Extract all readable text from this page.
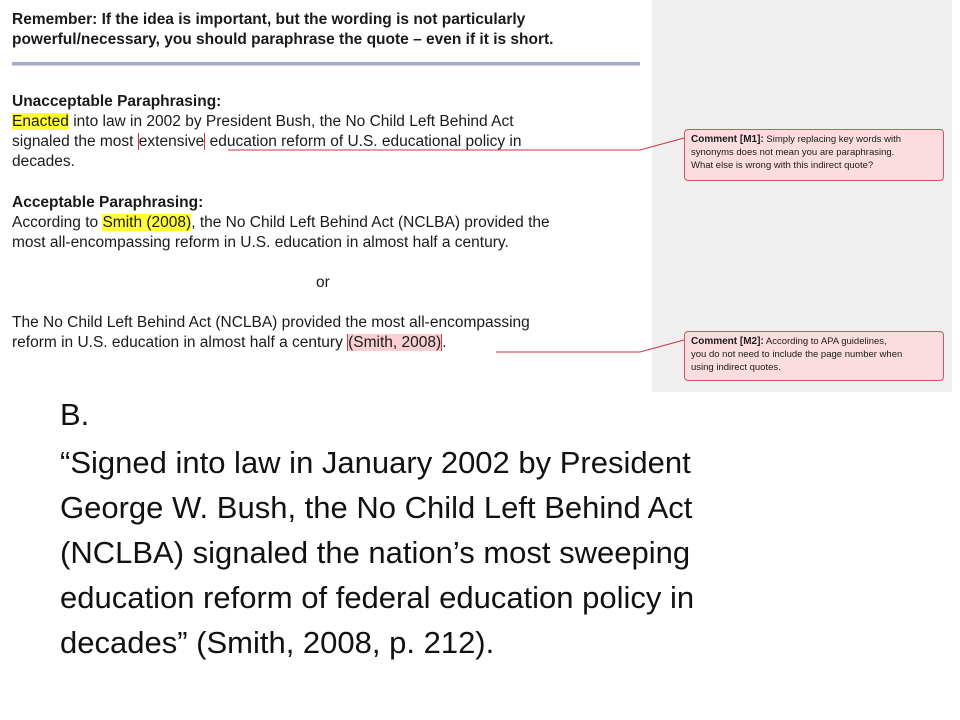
Remember: If the idea is important, but the wording is not particularly

powerful/necessary, you should paraphrase the quote – even if it is short.

Unacceptable Paraphrasing:

Enacted into law in 2002 by President Bush, the No Child Left Behind Act

signaled the most extensive education reform of U.S. educational policy in

decades.

Acceptable Paraphrasing:

According to Smith (2008), the No Child Left Behind Act (NCLBA) provided the

most all-encompassing reform in U.S. education in almost half a century.

or

The No Child Left Behind Act (NCLBA) provided the most all-encompassing

reform in U.S. education in almost half a century (Smith, 2008).

Comment [M1]: Simply replacing key words with
synonyms does not mean you are paraphrasing.
What else is wrong with this indirect quote?
Comment [M2]: According to APA guidelines,
you do not need to include the page number when
using indirect quotes.

B.

“Signed into law in January 2002 by President

George W. Bush, the No Child Left Behind Act

(NCLBA) signaled the nation’s most sweeping

education reform of federal education policy in

decades” (Smith, 2008, p. 212).
